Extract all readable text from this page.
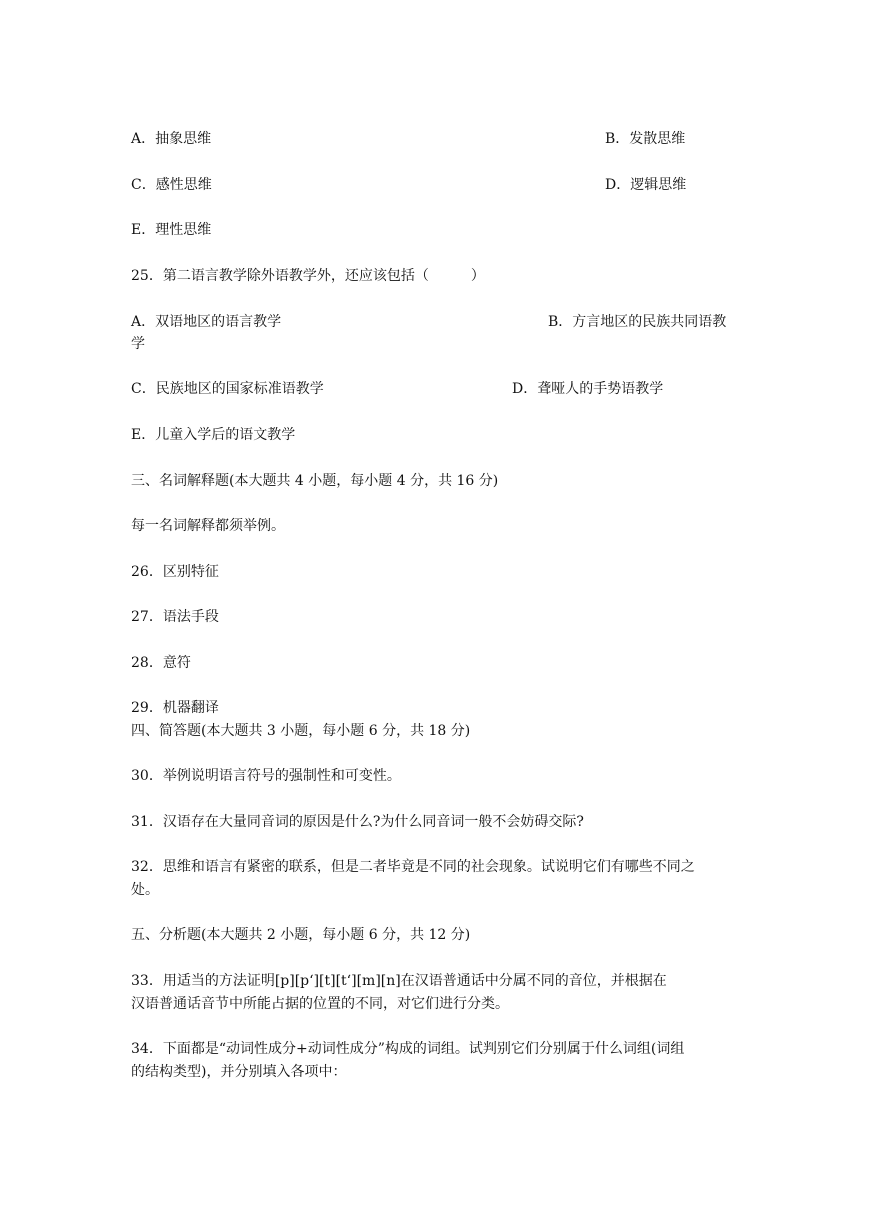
A．抽象思维	B．发散思维
C．感性思维	D．逻辑思维
E．理性思维
25．第二语言教学除外语教学外，还应该包括（　　　）
A．双语地区的语言教学	B．方言地区的民族共同语教
学
C．民族地区的国家标准语教学	D．聋哑人的手势语教学
E．儿童入学后的语文教学
三、名词解释题(本大题共 4 小题，每小题 4 分，共 16 分)
每一名词解释都须举例。
26．区别特征
27．语法手段
28．意符
29．机器翻译
四、简答题(本大题共 3 小题，每小题 6 分，共 18 分)
30．举例说明语言符号的强制性和可变性。
31．汉语存在大量同音词的原因是什么?为什么同音词一般不会妨碍交际?
32．思维和语言有紧密的联系，但是二者毕竟是不同的社会现象。试说明它们有哪些不同之
处。
五、分析题(本大题共 2 小题，每小题 6 分，共 12 分)
33．用适当的方法证明[p][p‘][t][t‘][m][n]在汉语普通话中分属不同的音位，并根据在
汉语普通话音节中所能占据的位置的不同，对它们进行分类。
34．下面都是“动词性成分+动词性成分”构成的词组。试判别它们分别属于什么词组(词组
的结构类型)，并分别填入各项中：
